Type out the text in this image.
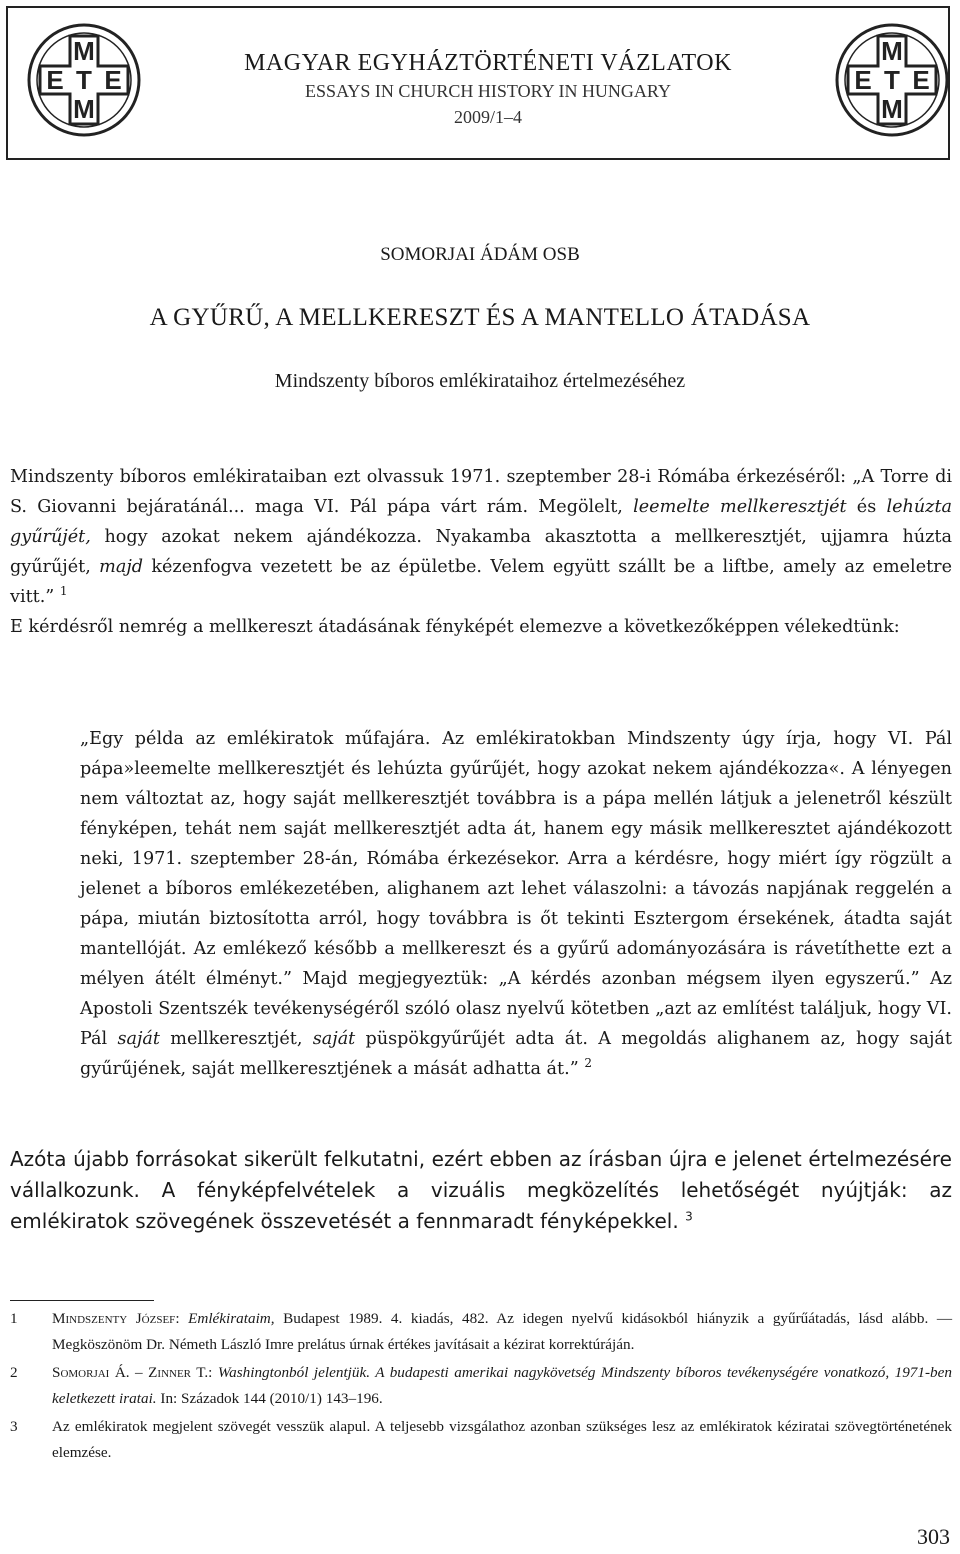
M
E T E
M
MAGYAR EGYHÁZTÖRTÉNETI VÁZLATOK
ESSAYS IN CHURCH HISTORY IN HUNGARY
2009/1–4
M
E T E
M
SOMORJAI ÁDÁM OSB
A GYŰRŰ, A MELLKERESZT ÉS A MANTELLO ÁTADÁSA
Mindszenty bíboros emlékirataihoz értelmezéséhez
Mindszenty bíboros emlékirataiban ezt olvassuk 1971. szeptember 28-i Rómába érkezéséről: „A Torre di S. Giovanni bejáratánál... maga VI. Pál pápa várt rám. Megölelt, leemelte mellkeresztjét és lehúzta gyűrűjét, hogy azokat nekem ajándékozza. Nyakamba akasztotta a mellkeresztjét, ujjamra húzta gyűrűjét, majd kézenfogva vezetett be az épületbe. Velem együtt szállt be a liftbe, amely az emeletre vitt.” $^1$
E kérdésről nemrég a mellkereszt átadásának fényképét elemezve a következőképpen vélekedtünk:
„Egy példa az emlékiratok műfajára. Az emlékiratokban Mindszenty úgy írja, hogy VI. Pál pápa»leemelte mellkeresztjét és lehúzta gyűrűjét, hogy azokat nekem ajándékozza«. A lényegen nem változtat az, hogy saját mellkeresztjét továbbra is a pápa mellén látjuk a jelenetről készült fényképen, tehát nem saját mellkeresztjét adta át, hanem egy másik mellkeresztet ajándékozott neki, 1971. szeptember 28-án, Rómába érkezésekor. Arra a kérdésre, hogy miért így rögzült a jelenet a bíboros emlékezetében, alighanem azt lehet válaszolni: a távozás napjának reggelén a pápa, miután biztosította arról, hogy továbbra is őt tekinti Esztergom érsekének, átadta saját mantellóját. Az emlékező később a mellkereszt és a gyűrű adományozására is rávetíthette ezt a mélyen átélt élményt.” Majd megjegyeztük: „A kérdés azonban mégsem ilyen egyszerű.” Az Apostoli Szentszék tevékenységéről szóló olasz nyelvű kötetben „azt az említést találjuk, hogy VI. Pál saját mellkeresztjét, saját püspökgyűrűjét adta át. A megoldás alighanem az, hogy saját gyűrűjének, saját mellkeresztjének a mását adhatta át.” $^2$
Azóta újabb forrásokat sikerült felkutatni, ezért ebben az írásban újra e jelenet értelmezésére vállalkozunk. A fényképfelvételek a vizuális megközelítés lehetőségét nyújtják: az emlékiratok szövegének összevetését a fennmaradt fényképekkel. $^3$
1	Mindszenty József: Emlékirataim, Budapest 1989. 4. kiadás, 482. Az idegen nyelvű kidásokból hiányzik a gyűrűátadás, lásd alább. — Megköszönöm Dr. Németh László Imre prelátus úrnak értékes javításait a kézirat korrektúráján.
2	Somorjai Á. – Zinner T.: Washingtonból jelentjük. A budapesti amerikai nagykövetség Mindszenty bíboros tevékenységére vonatkozó, 1971-ben keletkezett iratai. In: Századok 144 (2010/1) 143–196.
3	Az emlékiratok megjelent szövegét vesszük alapul. A teljesebb vizsgálathoz azonban szükséges lesz az emlékiratok kéziratai szövegtörténetének elemzése.
303
